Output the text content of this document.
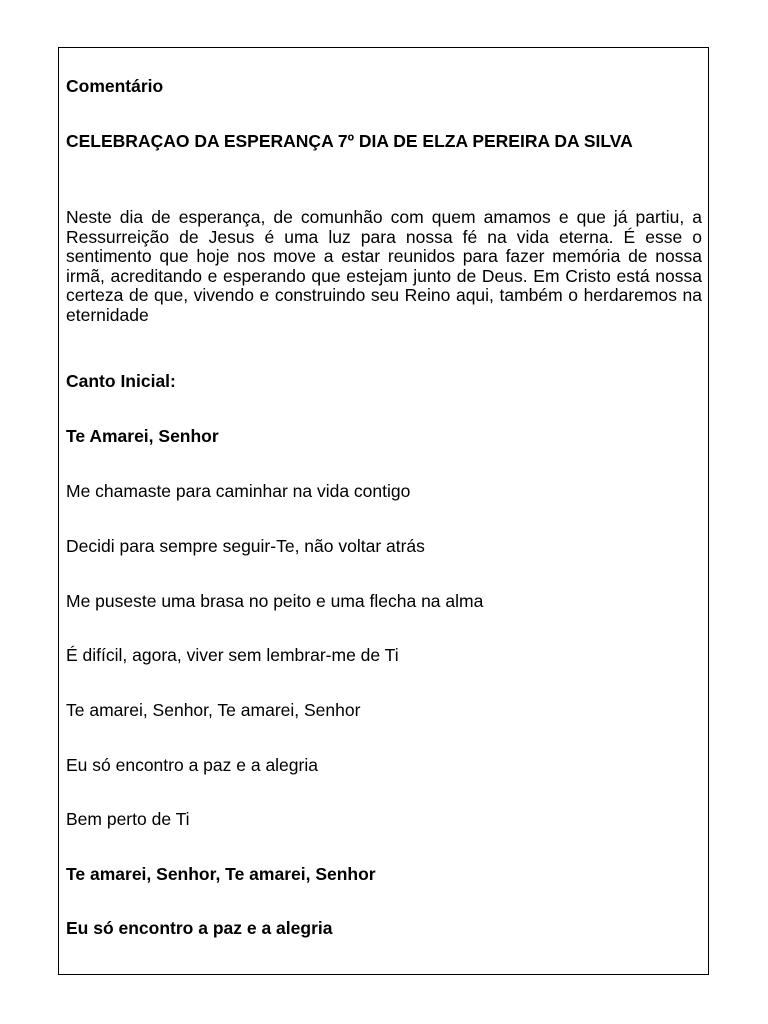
Comentário

CELEBRAÇAO DA ESPERANÇA 7º DIA DE ELZA PEREIRA DA SILVA
Neste dia de esperança, de comunhão com quem amamos e que já partiu, a Ressurreição de Jesus é uma luz para nossa fé na vida eterna. É esse o sentimento que hoje nos move a estar reunidos para fazer memória de nossa irmã, acreditando e esperando que estejam junto de Deus. Em Cristo está nossa certeza de que, vivendo e construindo seu Reino aqui, também o herdaremos na eternidade

Canto Inicial:

Te Amarei, Senhor

Me chamaste para caminhar na vida contigo

Decidi para sempre seguir-Te, não voltar atrás

Me puseste uma brasa no peito e uma flecha na alma

É difícil, agora, viver sem lembrar-me de Ti

Te amarei, Senhor, Te amarei, Senhor

Eu só encontro a paz e a alegria

Bem perto de Ti

Te amarei, Senhor, Te amarei, Senhor

Eu só encontro a paz e a alegria
